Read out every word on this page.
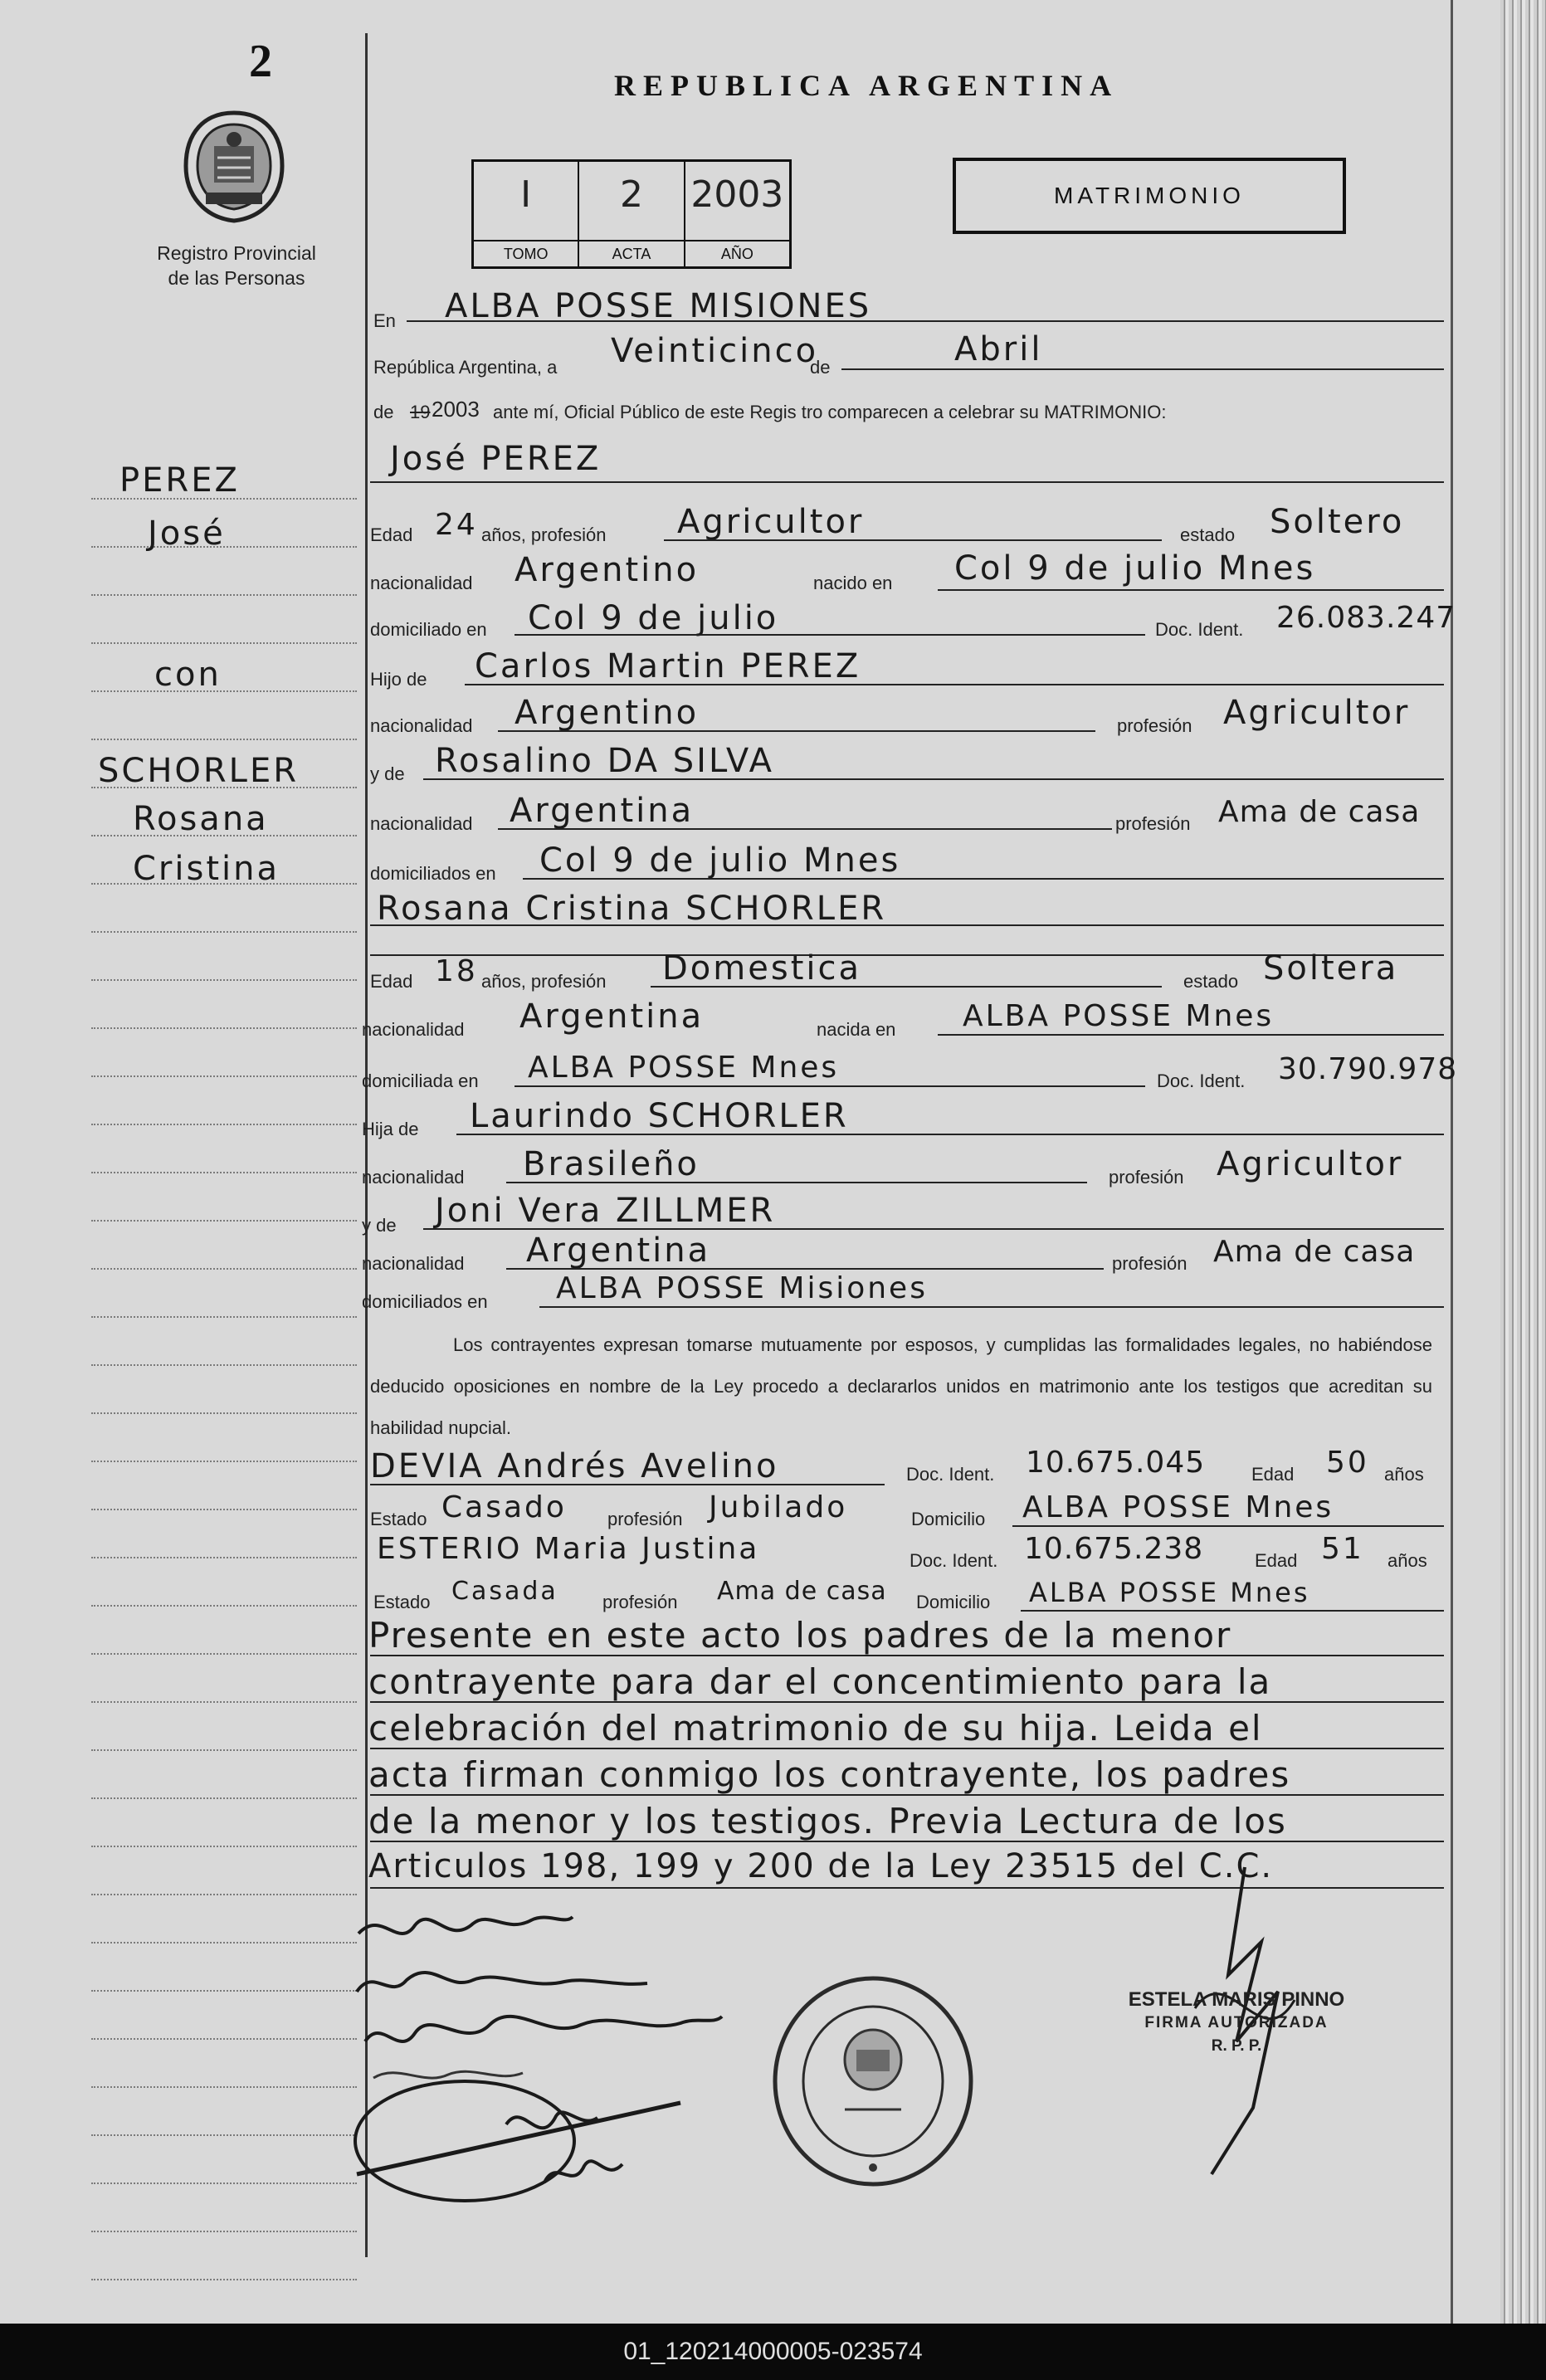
2
Registro Provincial
de las Personas
REPUBLICA ARGENTINA
I
TOMO
2
ACTA
2003
AÑO
MATRIMONIO
PEREZ
José
con
SCHORLER
Rosana
Cristina
En ALBA POSSE MISIONES
República Argentina, a Veinticinco
de	Abril
de 19 2003 ante mí, Oficial Público de este Regis tro comparecen a celebrar su MATRIMONIO:
José PEREZ
Edad 24 años, profesión Agricultor	estado Soltero
nacionalidad Argentino	nacido en Col 9 de julio Mnes
domiciliado en Col 9 de julio	Doc. Ident. 26.083.247
Hijo de Carlos Martin PEREZ
nacionalidad Argentino	profesión Agricultor
y de Rosalino DA SILVA
nacionalidad Argentina	profesión Ama de casa
domiciliados en Col 9 de julio Mnes
Rosana Cristina SCHORLER
Edad 18 años, profesión Domestica	estado Soltera
nacionalidad Argentina	nacida en ALBA POSSE Mnes
domiciliada en ALBA POSSE Mnes	Doc. Ident. 30.790.978
Hija de Laurindo SCHORLER
nacionalidad Brasileño	profesión Agricultor
y de Joni Vera ZILLMER
nacionalidad Argentina	profesión Ama de casa
domiciliados en ALBA POSSE Misiones
Los contrayentes expresan tomarse mutuamente por esposos, y cumplidas las formalidades legales, no habiéndose deducido oposiciones en nombre de la Ley procedo a declararlos unidos en matrimonio ante los testigos que acreditan su habilidad nupcial.
DEVIA Andrés Avelino	Doc. Ident. 10.675.045	Edad 50 años
Estado Casado profesión Jubilado	Domicilio ALBA POSSE Mnes
ESTERIO Maria Justina	Doc. Ident. 10.675.238	Edad 51 años
Estado Casada profesión Ama de casa Domicilio ALBA POSSE Mnes
Presente en este acto los padres de la menor
contrayente para dar el concentimiento para la
celebración del matrimonio de su hija. Leida el
acta firman conmigo los contrayente, los padres
de la menor y los testigos. Previa Lectura de los
Articulos 198, 199 y 200 de la Ley 23515 del C.C.
ESTELA MARIS PINNO
FIRMA AUTORIZADA
R. P. P.
01_120214000005-023574
